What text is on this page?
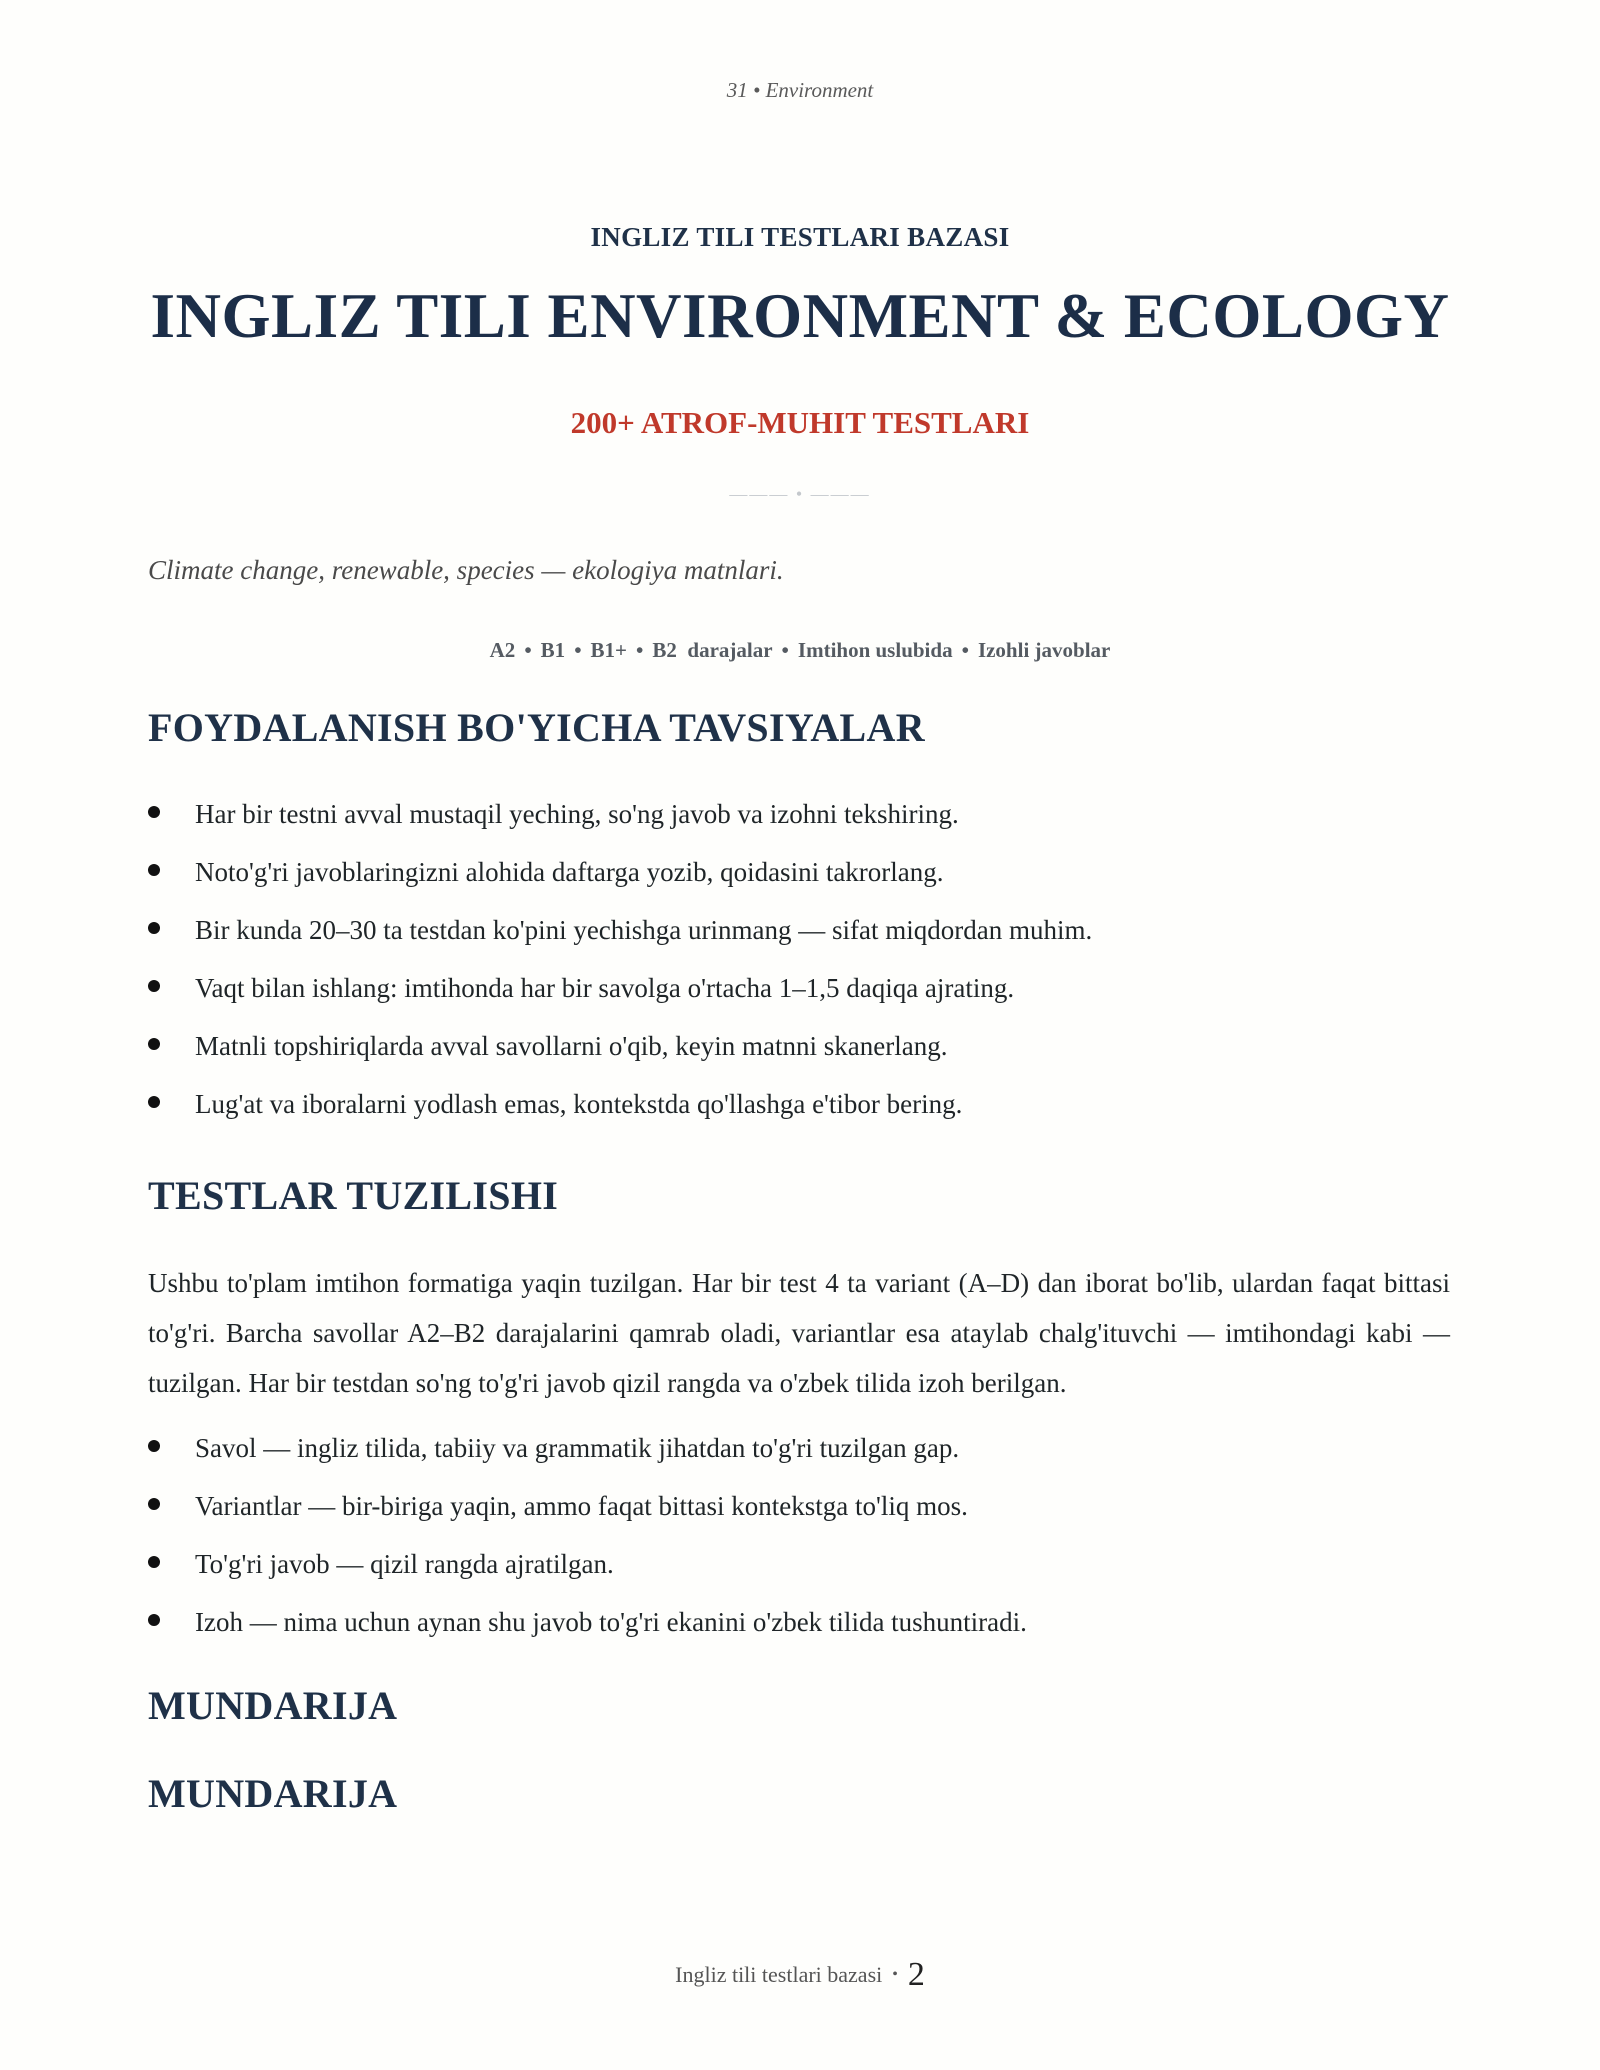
31 • Environment
INGLIZ TILI TESTLARI BAZASI
INGLIZ TILI ENVIRONMENT & ECOLOGY
200+ ATROF-MUHIT TESTLARI
——— • ———
Climate change, renewable, species — ekologiya matnlari.
A2 • B1 • B1+ • B2  darajalar • Imtihon uslubida • Izohli javoblar
FOYDALANISH BO'YICHA TAVSIYALAR
Har bir testni avval mustaqil yeching, so'ng javob va izohni tekshiring.
Noto'g'ri javoblaringizni alohida daftarga yozib, qoidasini takrorlang.
Bir kunda 20–30 ta testdan ko'pini yechishga urinmang — sifat miqdordan muhim.
Vaqt bilan ishlang: imtihonda har bir savolga o'rtacha 1–1,5 daqiqa ajrating.
Matnli topshiriqlarda avval savollarni o'qib, keyin matnni skanerlang.
Lug'at va iboralarni yodlash emas, kontekstda qo'llashga e'tibor bering.
TESTLAR TUZILISHI

Ushbu to'plam imtihon formatiga yaqin tuzilgan. Har bir test 4 ta variant (A–D) dan iborat bo'lib, ulardan faqat bittasi to'g'ri. Barcha savollar A2–B2 darajalarini qamrab oladi, variantlar esa ataylab chalg'ituvchi — imtihondagi kabi — tuzilgan. Har bir testdan so'ng to'g'ri javob qizil rangda va o'zbek tilida izoh berilgan.

Savol — ingliz tilida, tabiiy va grammatik jihatdan to'g'ri tuzilgan gap.
Variantlar — bir-biriga yaqin, ammo faqat bittasi kontekstga to'liq mos.
To'g'ri javob — qizil rangda ajratilgan.
Izoh — nima uchun aynan shu javob to'g'ri ekanini o'zbek tilida tushuntiradi.
MUNDARIJA
MUNDARIJA
Ingliz tili testlari bazasi • 2
